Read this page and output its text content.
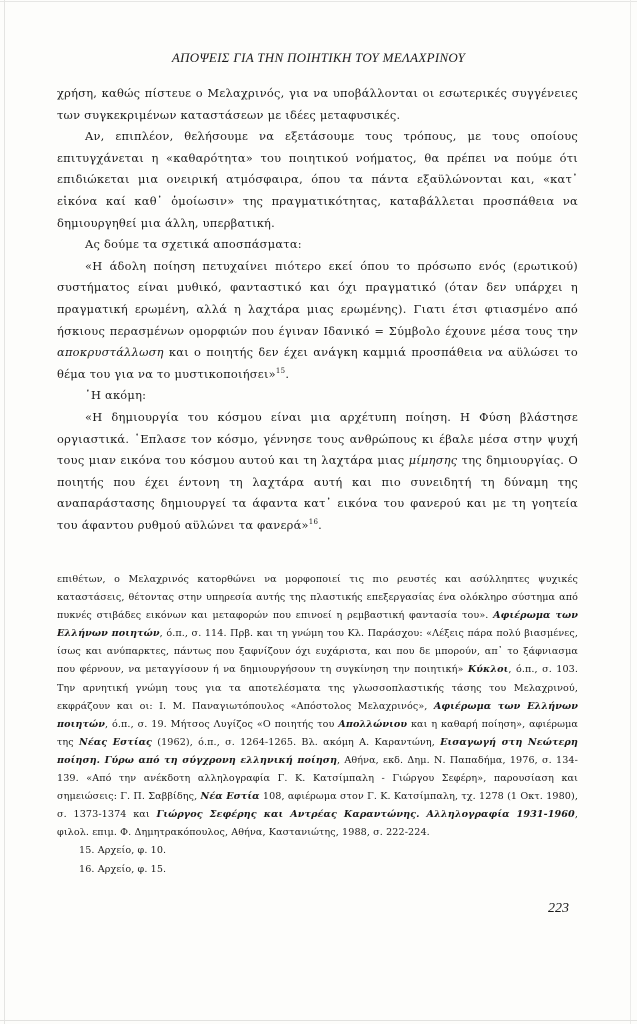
ΑΠΟΨΕΙΣ ΓΙΑ ΤΗΝ ΠΟΙΗΤΙΚΗ ΤΟΥ ΜΕΛΑΧΡΙΝΟΥ

χρήση, καθώς πίστευε ο Μελαχρινός, για να υποβάλλονται οι εσωτερικές συγγένειες των συγκεκριμένων καταστάσεων με ιδέες μεταφυσικές.

Αν, επιπλέον, θελήσουμε να εξετάσουμε τους τρόπους, με τους οποίους επιτυγχάνεται η «καθαρότητα» του ποιητικού νοήματος, θα πρέπει να πούμε ότι επιδιώκεται μια ονειρική ατμόσφαιρα, όπου τα πάντα εξαϋλώνονται και, «κατ᾿ εἰκόνα καί καθ᾿ ὁμοίωσιν» της πραγματικότητας, καταβάλλεται προσπάθεια να δημιουργηθεί μια άλλη, υπερβατική.

Ας δούμε τα σχετικά αποσπάσματα:

«Η άδολη ποίηση πετυχαίνει πιότερο εκεί όπου το πρόσωπο ενός (ερωτικού) συστήματος είναι μυθικό, φανταστικό και όχι πραγματικό (όταν δεν υπάρχει η πραγματική ερωμένη, αλλά η λαχτάρα μιας ερωμένης). Γιατι έτσι φτιασμένο από ήσκιους περασμένων ομορφιών που έγιναν Ιδανικό = Σύμβολο έχουνε μέσα τους την αποκρυστάλλωση και ο ποιητής δεν έχει ανάγκη καμμιά προσπάθεια να αϋλώσει το θέμα του για να το μυστικοποιήσει»$^{15}$.

῾Η ακόμη:

«Η δημιουργία του κόσμου είναι μια αρχέτυπη ποίηση. Η Φύση βλάστησε οργιαστικά. ῾Επλασε τον κόσμο, γέννησε τους ανθρώπους κι έβαλε μέσα στην ψυχή τους μιαν εικόνα του κόσμου αυτού και τη λαχτάρα μιας μίμησης της δημιουργίας. Ο ποιητής που έχει έντονη τη λαχτάρα αυτή και πιο συνειδητή τη δύναμη της αναπαράστασης δημιουργεί τα άφαντα κατ᾿ εικόνα του φανερού και με τη γοητεία του άφαντου ρυθμού αϋλώνει τα φανερά»$^{16}$.

επιθέτων, ο Μελαχρινός κατορθώνει να μορφοποιεί τις πιο ρευστές και ασύλληπτες ψυχικές καταστάσεις, θέτοντας στην υπηρεσία αυτής της πλαστικής επεξεργασίας ένα ολόκληρο σύστημα από πυκνές στιβάδες εικόνων και μεταφορών που επινοεί η ρεμβαστική φαντασία του». Αφιέρωμα των Ελλήνων ποιητών, ό.π., σ. 114. Πρβ. και τη γνώμη του Κλ. Παράσχου: «Λέξεις πάρα πολύ βιασμένες, ίσως και ανύπαρκτες, πάντως που ξαφνίζουν όχι ευχάριστα, και που δε μπορούν, απ᾿ το ξάφνιασμα που φέρνουν, να μεταγγίσουν ή να δημιουργήσουν τη συγκίνηση την ποιητική» Κύκλοι, ό.π., σ. 103. Την αρνητική γνώμη τους για τα αποτελέσματα της γλωσσοπλαστικής τάσης του Μελαχρινού, εκφράζουν και οι: Ι. Μ. Παναγιωτόπουλος «Απόστολος Μελαχρινός», Αφιέρωμα των Ελλήνων ποιητών, ό.π., σ. 19. Μήτσος Λυγίζος «Ο ποιητής του Απολλώνιου και η καθαρή ποίηση», αφιέρωμα της Νέας Εστίας (1962), ό.π., σ. 1264-1265. Βλ. ακόμη Α. Καραντώνη, Εισαγωγή στη Νεώτερη ποίηση. Γύρω από τη σύγχρονη ελληνική ποίηση, Αθήνα, εκδ. Δημ. Ν. Παπαδήμα, 1976, σ. 134-139. «Από την ανέκδοτη αλληλογραφία Γ. Κ. Κατσίμπαλη - Γιώργου Σεφέρη», παρουσίαση και σημειώσεις: Γ. Π. Σαββίδης, Νέα Εστία 108, αφιέρωμα στον Γ. Κ. Κατσίμπαλη, τχ. 1278 (1 Οκτ. 1980), σ. 1373-1374 και Γιώργος Σεφέρης και Αντρέας Καραντώνης. Αλληλογραφία 1931-1960, φιλολ. επιμ. Φ. Δημητρακόπουλος, Αθήνα, Καστανιώτης, 1988, σ. 222-224.

15. Αρχείο, φ. 10.

16. Αρχείο, φ. 15.

223
